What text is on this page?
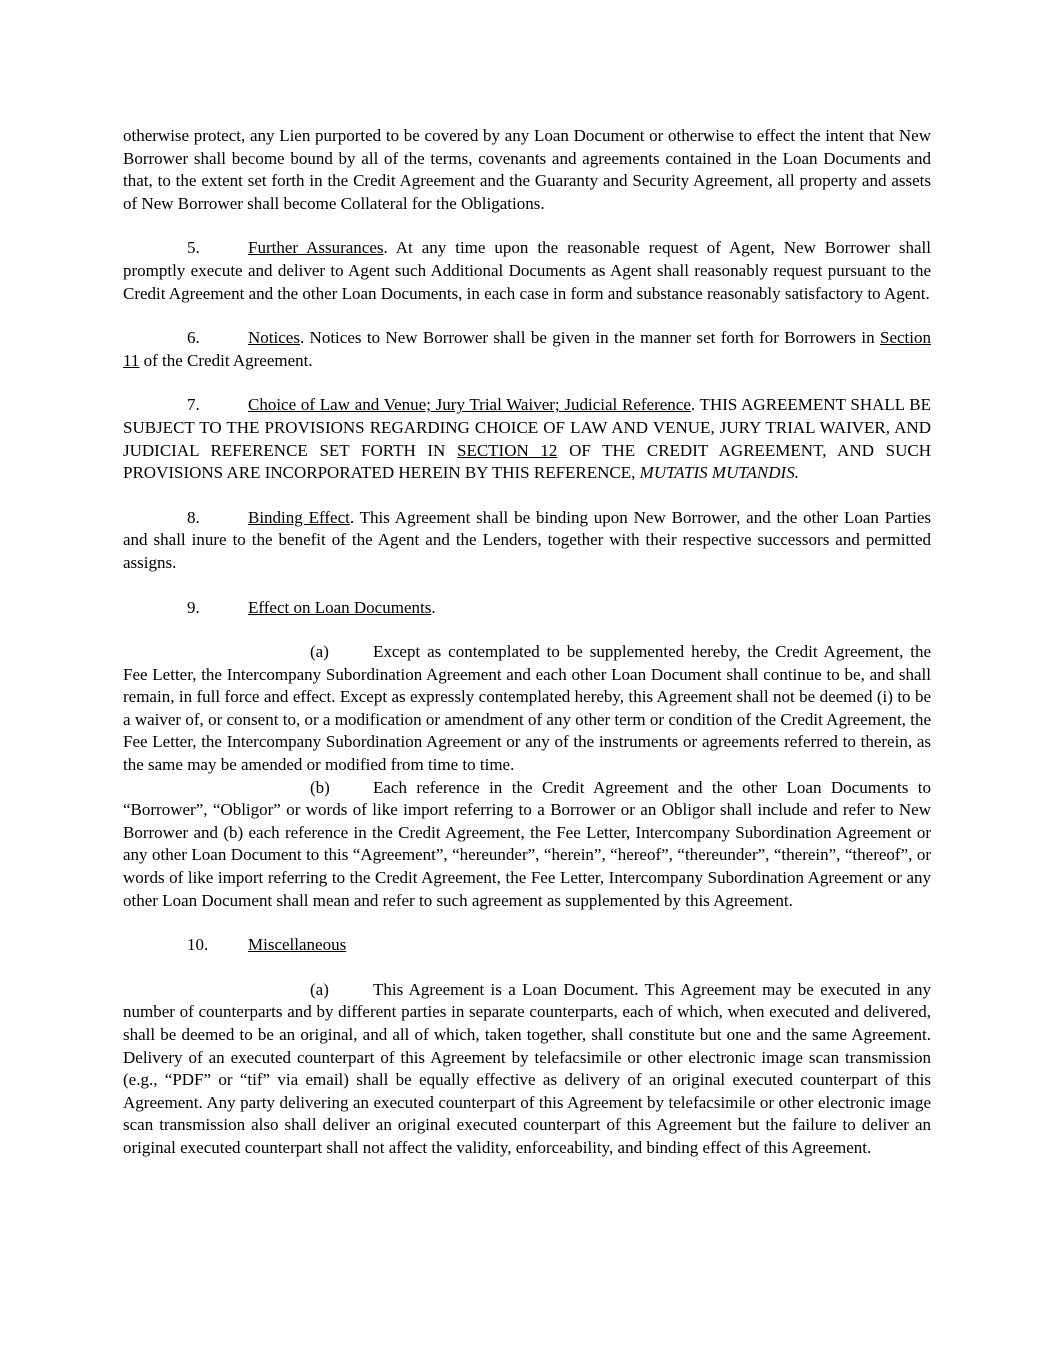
otherwise protect, any Lien purported to be covered by any Loan Document or otherwise to effect the intent that New Borrower shall become bound by all of the terms, covenants and agreements contained in the Loan Documents and that, to the extent set forth in the Credit Agreement and the Guaranty and Security Agreement, all property and assets of New Borrower shall become Collateral for the Obligations.
5.	Further Assurances. At any time upon the reasonable request of Agent, New Borrower shall promptly execute and deliver to Agent such Additional Documents as Agent shall reasonably request pursuant to the Credit Agreement and the other Loan Documents, in each case in form and substance reasonably satisfactory to Agent.
6.	Notices. Notices to New Borrower shall be given in the manner set forth for Borrowers in Section 11 of the Credit Agreement.
7.	Choice of Law and Venue; Jury Trial Waiver; Judicial Reference. THIS AGREEMENT SHALL BE SUBJECT TO THE PROVISIONS REGARDING CHOICE OF LAW AND VENUE, JURY TRIAL WAIVER, AND JUDICIAL REFERENCE SET FORTH IN SECTION 12 OF THE CREDIT AGREEMENT, AND SUCH PROVISIONS ARE INCORPORATED HEREIN BY THIS REFERENCE, MUTATIS MUTANDIS.
8.	Binding Effect. This Agreement shall be binding upon New Borrower, and the other Loan Parties and shall inure to the benefit of the Agent and the Lenders, together with their respective successors and permitted assigns.
9.	Effect on Loan Documents.
(a)	Except as contemplated to be supplemented hereby, the Credit Agreement, the Fee Letter, the Intercompany Subordination Agreement and each other Loan Document shall continue to be, and shall remain, in full force and effect. Except as expressly contemplated hereby, this Agreement shall not be deemed (i) to be a waiver of, or consent to, or a modification or amendment of any other term or condition of the Credit Agreement, the Fee Letter, the Intercompany Subordination Agreement or any of the instruments or agreements referred to therein, as the same may be amended or modified from time to time.
(b)	Each reference in the Credit Agreement and the other Loan Documents to “Borrower”, “Obligor” or words of like import referring to a Borrower or an Obligor shall include and refer to New Borrower and (b) each reference in the Credit Agreement, the Fee Letter, Intercompany Subordination Agreement or any other Loan Document to this “Agreement”, “hereunder”, “herein”, “hereof”, “thereunder”, “therein”, “thereof”, or words of like import referring to the Credit Agreement, the Fee Letter, Intercompany Subordination Agreement or any other Loan Document shall mean and refer to such agreement as supplemented by this Agreement.
10. Miscellaneous
(a)	This Agreement is a Loan Document. This Agreement may be executed in any number of counterparts and by different parties in separate counterparts, each of which, when executed and delivered, shall be deemed to be an original, and all of which, taken together, shall constitute but one and the same Agreement. Delivery of an executed counterpart of this Agreement by telefacsimile or other electronic image scan transmission (e.g., “PDF” or “tif” via email) shall be equally effective as delivery of an original executed counterpart of this Agreement. Any party delivering an executed counterpart of this Agreement by telefacsimile or other electronic image scan transmission also shall deliver an original executed counterpart of this Agreement but the failure to deliver an original executed counterpart shall not affect the validity, enforceability, and binding effect of this Agreement.
